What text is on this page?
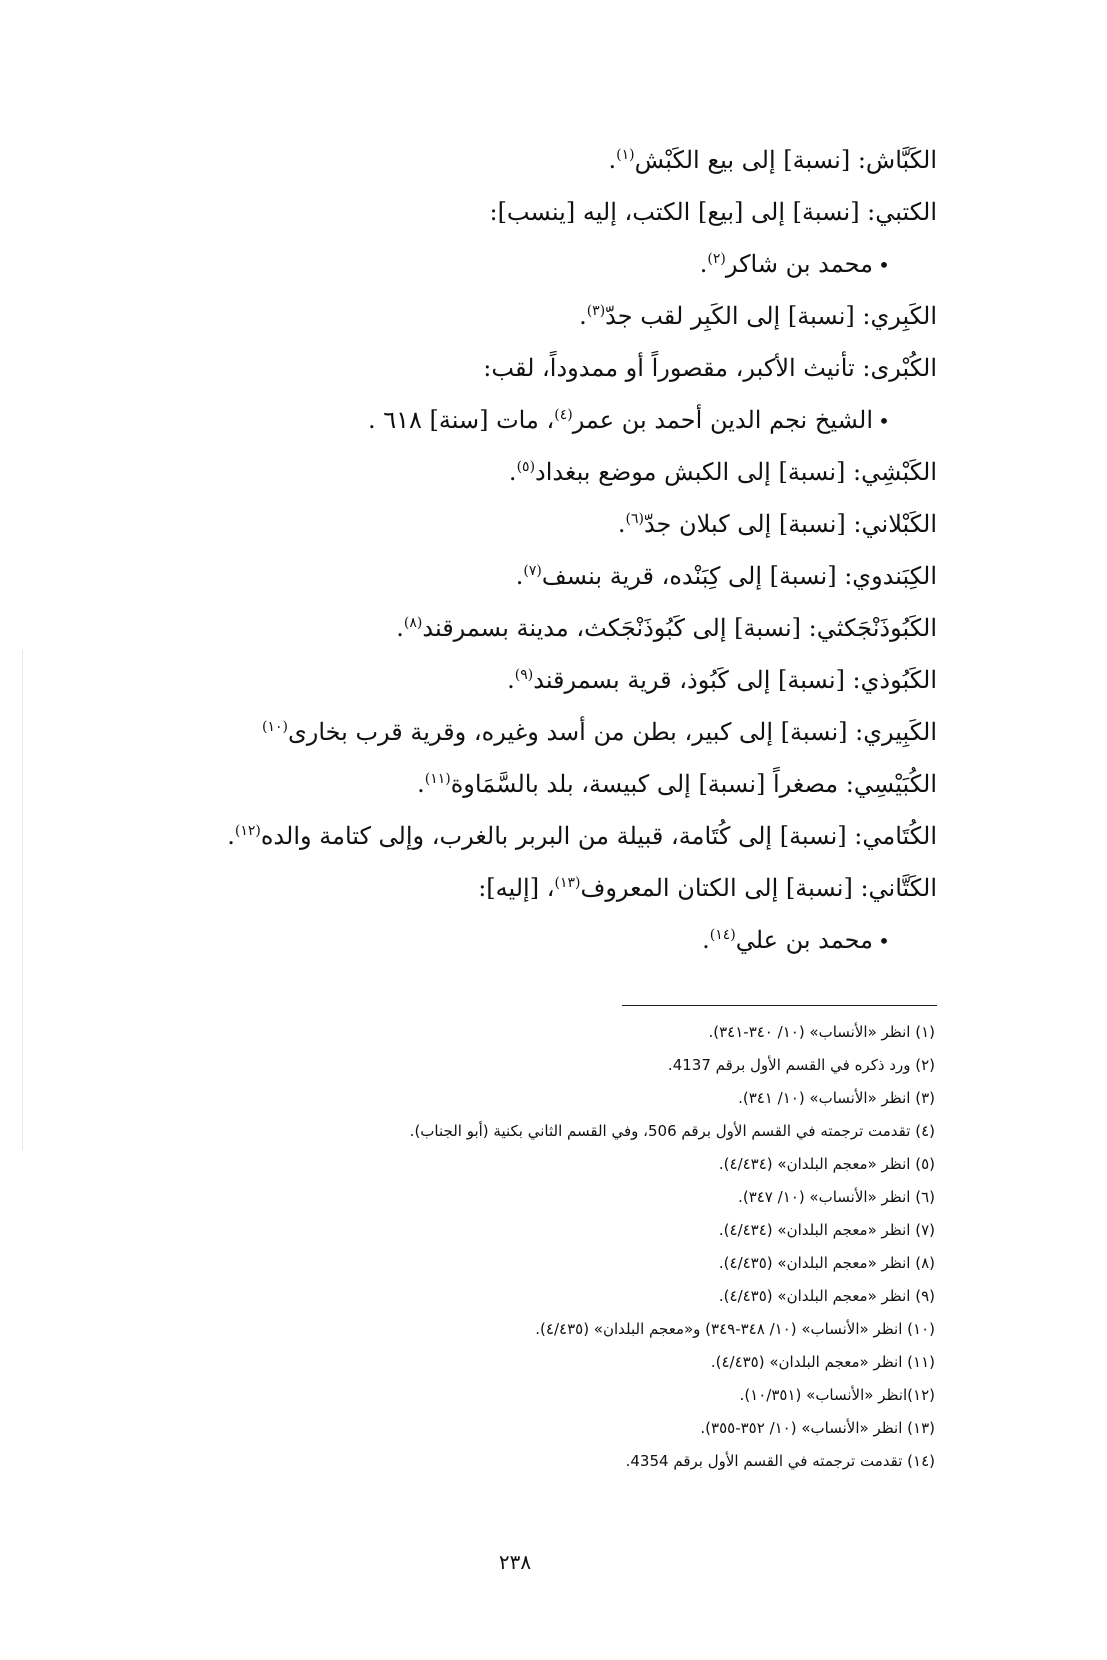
الكَبَّاش: [نسبة] إلى بيع الكَبْش$^{(١)}$.
الكتبي: [نسبة] إلى [بيع] الكتب، إليه [ينسب]:
•محمد بن شاكر$^{(٢)}$.
الكَبِري: [نسبة] إلى الكَبِر لقب جدّ$^{(٣)}$.
الكُبْرى: تأنيث الأكبر، مقصوراً أو ممدوداً، لقب:
•الشيخ نجم الدين أحمد بن عمر$^{(٤)}$، مات [سنة] ٦١٨ .
الكَبْشِي: [نسبة] إلى الكبش موضع ببغداد$^{(٥)}$.
الكَبْلاني: [نسبة] إلى كبلان جدّ$^{(٦)}$.
الكِبَندوي: [نسبة] إلى كِبَنْده، قرية بنسف$^{(٧)}$.
الكَبُوذَنْجَكثي: [نسبة] إلى كَبُوذَنْجَكث، مدينة بسمرقند$^{(٨)}$.
الكَبُوذي: [نسبة] إلى كَبُوذ، قرية بسمرقند$^{(٩)}$.
الكَبِيري: [نسبة] إلى كبير، بطن من أسد وغيره، وقرية قرب بخارى$^{(١٠)}$
الكُبَيْسِي: مصغراً [نسبة] إلى كبيسة، بلد بالسَّمَاوة$^{(١١)}$.
الكُتَامي: [نسبة] إلى كُتَامة، قبيلة من البربر بالغرب، وإلى كتامة والده$^{(١٢)}$.
الكَتَّاني: [نسبة] إلى الكتان المعروف$^{(١٣)}$، [إليه]:
•محمد بن علي$^{(١٤)}$.
(١) انظر «الأنساب» (١٠/ ٣٤٠-٣٤١).
(٢) ورد ذكره في القسم الأول برقم 4137.
(٣) انظر «الأنساب» (١٠/ ٣٤١).
(٤) تقدمت ترجمته في القسم الأول برقم 506، وفي القسم الثاني بكنية (أبو الجناب).
(٥) انظر «معجم البلدان» (٤/٤٣٤).
(٦) انظر «الأنساب» (١٠/ ٣٤٧).
(٧) انظر «معجم البلدان» (٤/٤٣٤).
(٨) انظر «معجم البلدان» (٤/٤٣٥).
(٩) انظر «معجم البلدان» (٤/٤٣٥).
(١٠) انظر «الأنساب» (١٠/ ٣٤٨-٣٤٩) و«معجم البلدان» (٤/٤٣٥).
(١١) انظر «معجم البلدان» (٤/٤٣٥).
(١٢)انظر «الأنساب» (١٠/٣٥١).
(١٣) انظر «الأنساب» (١٠/ ٣٥٢-٣٥٥).
(١٤) تقدمت ترجمته في القسم الأول برقم 4354.
٢٣٨
